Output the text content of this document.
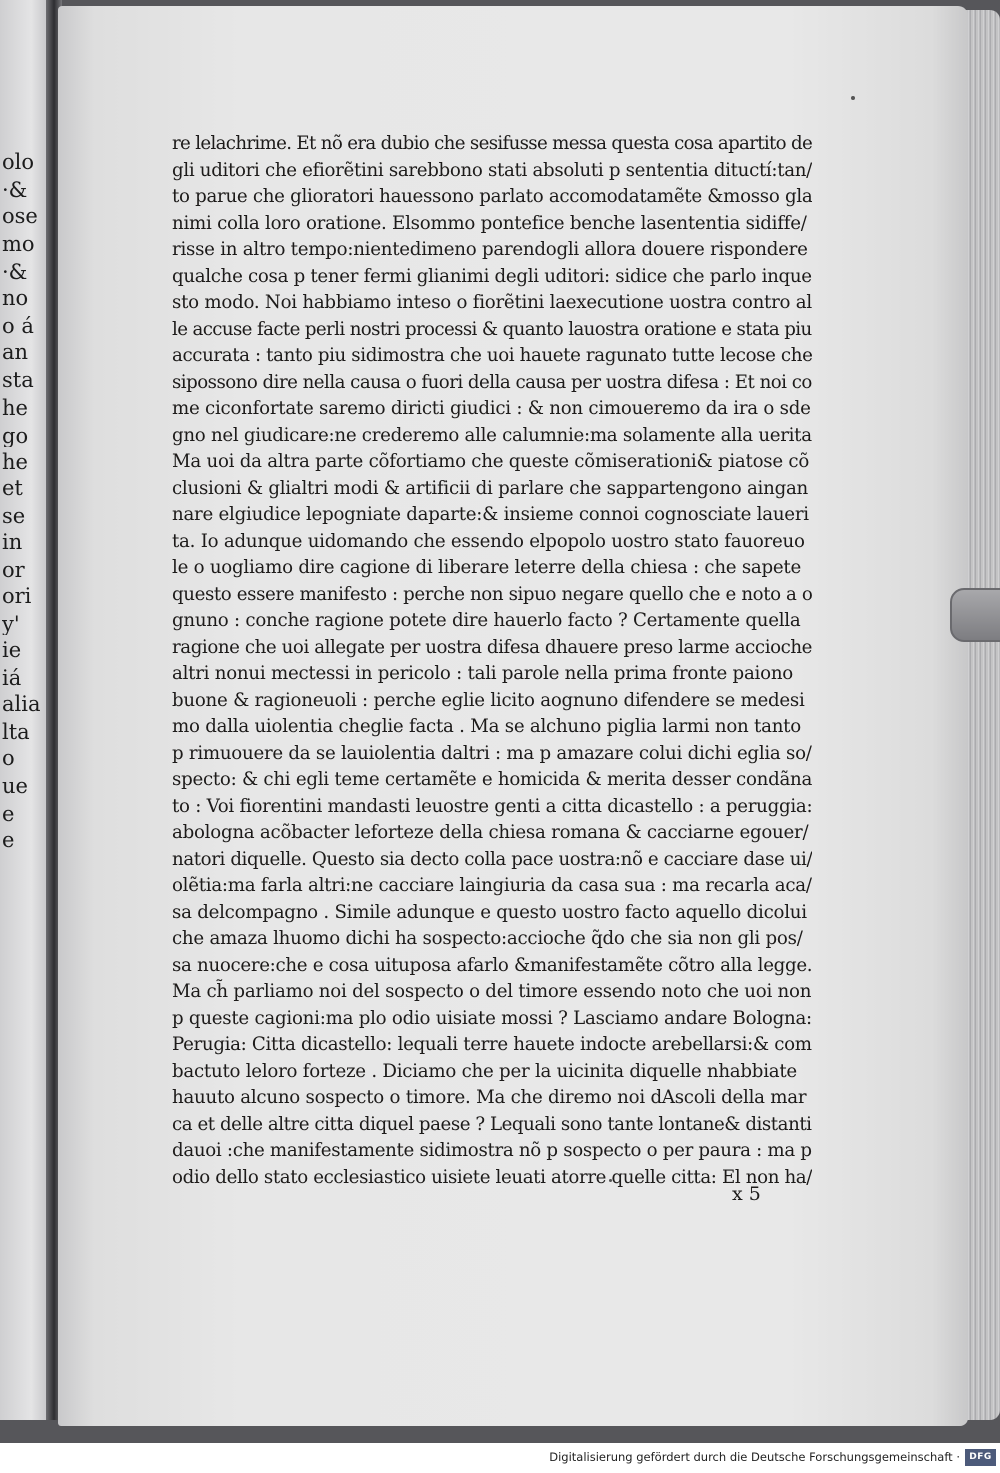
olo
·&
ose
mo
·&
no
o á
an
sta
he
go
he
et
se
in
or
ori
y'
ie
iá
alia
lta
o
ue
e
e
re lelachrime. Et nõ era dubio che sesifusse messa questa cosa apartito de
gli uditori che efiorẽtini sarebbono stati absoluti p sententia dituctí:tan/
to parue che glioratori hauessono parlato accomodatamẽte &mosso gla
nimi colla loro oratione. Elsommo pontefice benche lasententia sidiffe/
risse in altro tempo:nientedimeno parendogli allora douere rispondere
qualche cosa p tener fermi glianimi degli uditori: sidice che parlo inque
sto modo. Noi habbiamo inteso o fiorẽtini laexecutione uostra contro al
le accuse facte perli nostri processi & quanto lauostra oratione e stata piu
accurata : tanto piu sidimostra che uoi hauete ragunato tutte lecose che
sipossono dire nella causa o fuori della causa per uostra difesa : Et noi co
me ciconfortate saremo diricti giudici : & non cimoueremo da ira o sde
gno nel giudicare:ne crederemo alle calumnie:ma solamente alla uerita
Ma uoi da altra parte cõfortiamo che queste cõmiserationi& piatose cõ
clusioni & glialtri modi & artificii di parlare che sappartengono aingan
nare elgiudice lepogniate daparte:& insieme connoi cognosciate laueri
ta. Io adunque uidomando che essendo elpopolo uostro stato fauoreuo
le o uogliamo dire cagione di liberare leterre della chiesa : che sapete
questo essere manifesto : perche non sipuo negare quello che e noto a o
gnuno : conche ragione potete dire hauerlo facto ? Certamente quella
ragione che uoi allegate per uostra difesa dhauere preso larme accioche
altri nonui mectessi in pericolo : tali parole nella prima fronte paiono
buone & ragioneuoli : perche eglie licito aognuno difendere se medesi
mo dalla uiolentia cheglie facta . Ma se alchuno piglia larmi non tanto
p rimuouere da se lauiolentia daltri : ma p amazare colui dichi eglia so/
specto: & chi egli teme certamẽte e homicida & merita desser condãna
to : Voi fiorentini mandasti leuostre genti a citta dicastello : a peruggia:
abologna acõbacter leforteze della chiesa romana & cacciarne egouer/
natori diquelle. Questo sia decto colla pace uostra:nõ e cacciare dase ui/
olẽtia:ma farla altri:ne cacciare laingiuria da casa sua : ma recarla aca/
sa delcompagno . Simile adunque e questo uostro facto aquello dicolui
che amaza lhuomo dichi ha sospecto:accioche q̃do che sia non gli pos/
sa nuocere:che e cosa uituposa afarlo &manifestamẽte cõtro alla legge.
Ma ch̃ parliamo noi del sospecto o del timore essendo noto che uoi non
p queste cagioni:ma plo odio uisiate mossi ? Lasciamo andare Bologna:
Perugia: Citta dicastello: lequali terre hauete indocte arebellarsi:& com
bactuto leloro forteze . Diciamo che per la uicinita diquelle nhabbiate
hauuto alcuno sospecto o timore. Ma che diremo noi dAscoli della mar
ca et delle altre citta diquel paese ? Lequali sono tante lontane& distanti
dauoi :che manifestamente sidimostra nõ p sospecto o per paura : ma p
odio dello stato ecclesiastico uisiete leuati atorre quelle citta: El non ha/
x 5
Digitalisierung gefördert durch die Deutsche Forschungsgemeinschaft ·	DFG
